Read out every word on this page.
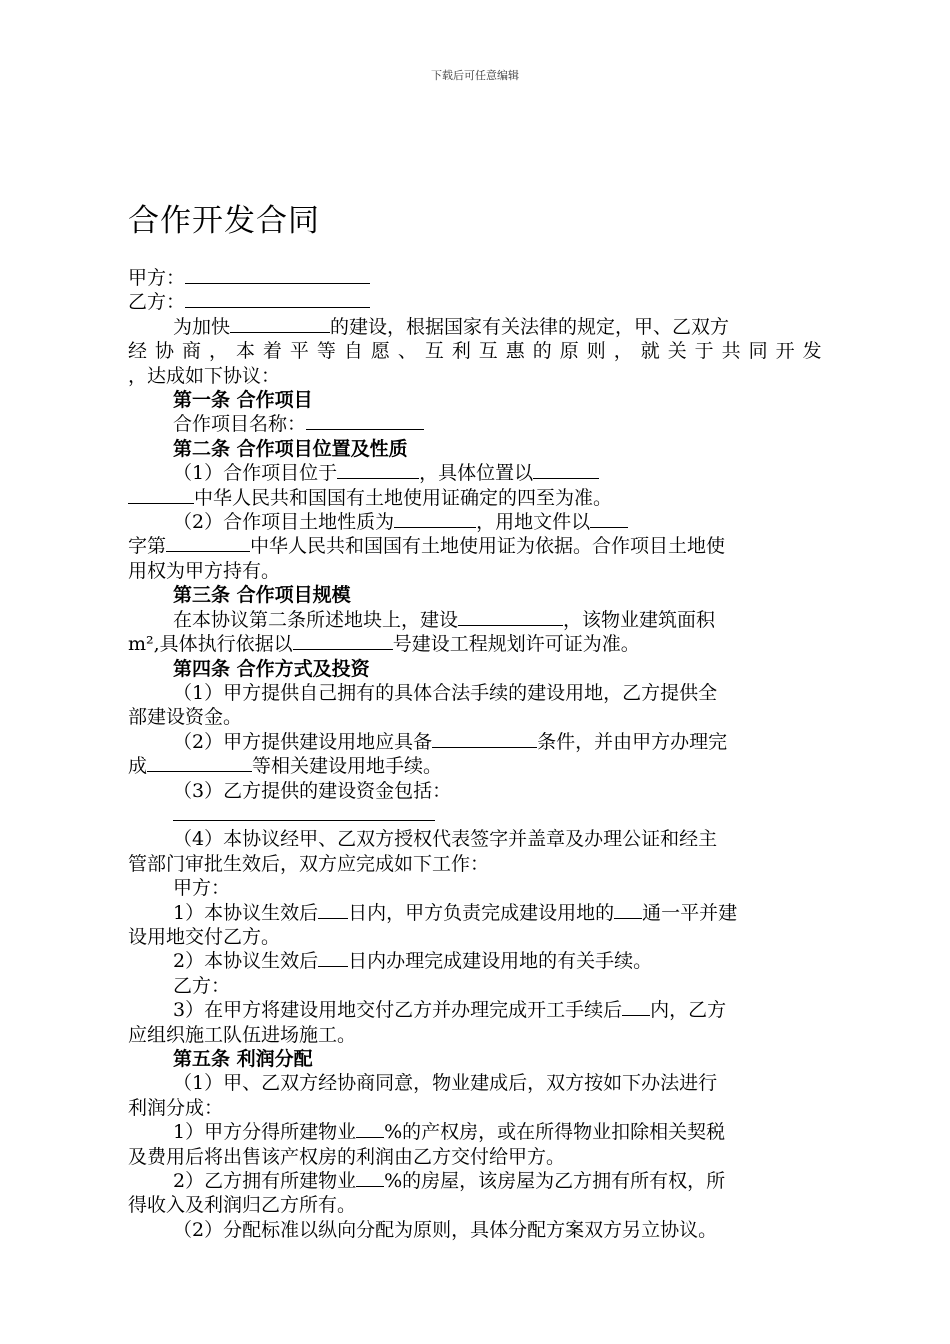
下载后可任意编辑
合作开发合同

甲方：

乙方：

为加快	的建设，根据国家有关法律的规定，甲、乙双方

经 协 商 ， 本 着 平 等 自 愿 、 互 利 互 惠 的 原 则 ， 就 关 于 共 同 开 发

，达成如下协议：

第一条 合作项目

合作项目名称：

第二条 合作项目位置及性质

（1）合作项目位于	，具体位置以

中华人民共和国国有土地使用证确定的四至为准。

（2）合作项目土地性质为	，用地文件以

字第	中华人民共和国国有土地使用证为依据。合作项目土地使

用权为甲方持有。

第三条 合作项目规模

在本协议第二条所述地块上，建设	，该物业建筑面积

m²,具体执行依据以	号建设工程规划许可证为准。

第四条 合作方式及投资

（1）甲方提供自己拥有的具体合法手续的建设用地，乙方提供全

部建设资金。

（2）甲方提供建设用地应具备	条件，并由甲方办理完

成	等相关建设用地手续。

（3）乙方提供的建设资金包括：

（4）本协议经甲、乙双方授权代表签字并盖章及办理公证和经主

管部门审批生效后，双方应完成如下工作：

甲方：

1）本协议生效后 日内，甲方负责完成建设用地的 通一平并建

设用地交付乙方。

2）本协议生效后 日内办理完成建设用地的有关手续。

乙方：

3）在甲方将建设用地交付乙方并办理完成开工手续后 内，乙方

应组织施工队伍进场施工。

第五条 利润分配

（1）甲、乙双方经协商同意，物业建成后，双方按如下办法进行

利润分成：

1）甲方分得所建物业 %的产权房，或在所得物业扣除相关契税

及费用后将出售该产权房的利润由乙方交付给甲方。

2）乙方拥有所建物业 %的房屋，该房屋为乙方拥有所有权，所

得收入及利润归乙方所有。

（2）分配标准以纵向分配为原则，具体分配方案双方另立协议。
